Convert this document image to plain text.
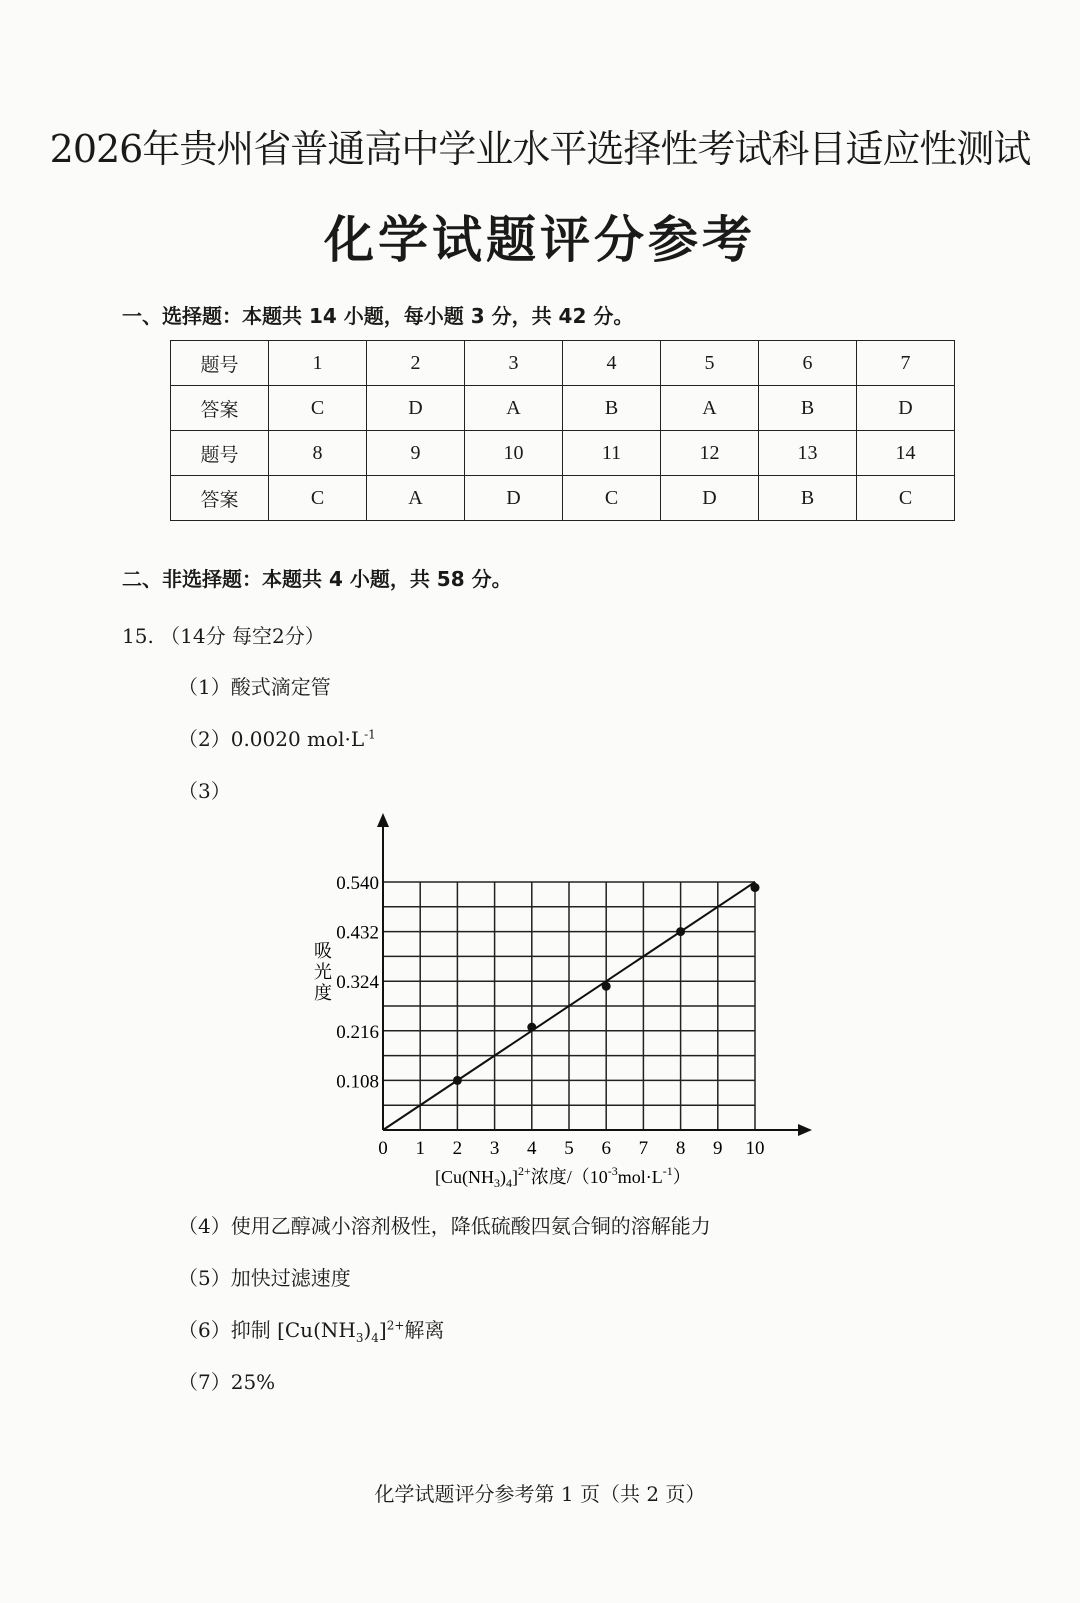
2026年贵州省普通高中学业水平选择性考试科目适应性测试
化学试题评分参考
一、选择题：本题共 14 小题，每小题 3 分，共 42 分。
题号	1	2	3	4	5	6	7
答案	C	D	A	B	A	B	D
题号	8	9	10	11	12	13	14
答案	C	A	D	C	D	B	C
二、非选择题：本题共 4 小题，共 58 分。
15. （14分 每空2分）
（1）酸式滴定管
（2）0.0020 $mol\cdot L^{-1}$
（3）
0 1 2 3 4 5 6 7 8 9 10
0.108
0.216
0.324
0.432
0.540
吸光度
$[Cu(NH_3)_4]^{2+}$浓度$/(10^{-3}mol\cdot L^{-1})$
（4）使用乙醇减小溶剂极性，降低硫酸四氨合铜的溶解能力
（5）加快过滤速度
（6）抑制 $[Cu(NH_3)_4]^{2+}$解离
（7）25%
化学试题评分参考第 1 页（共 2 页）
